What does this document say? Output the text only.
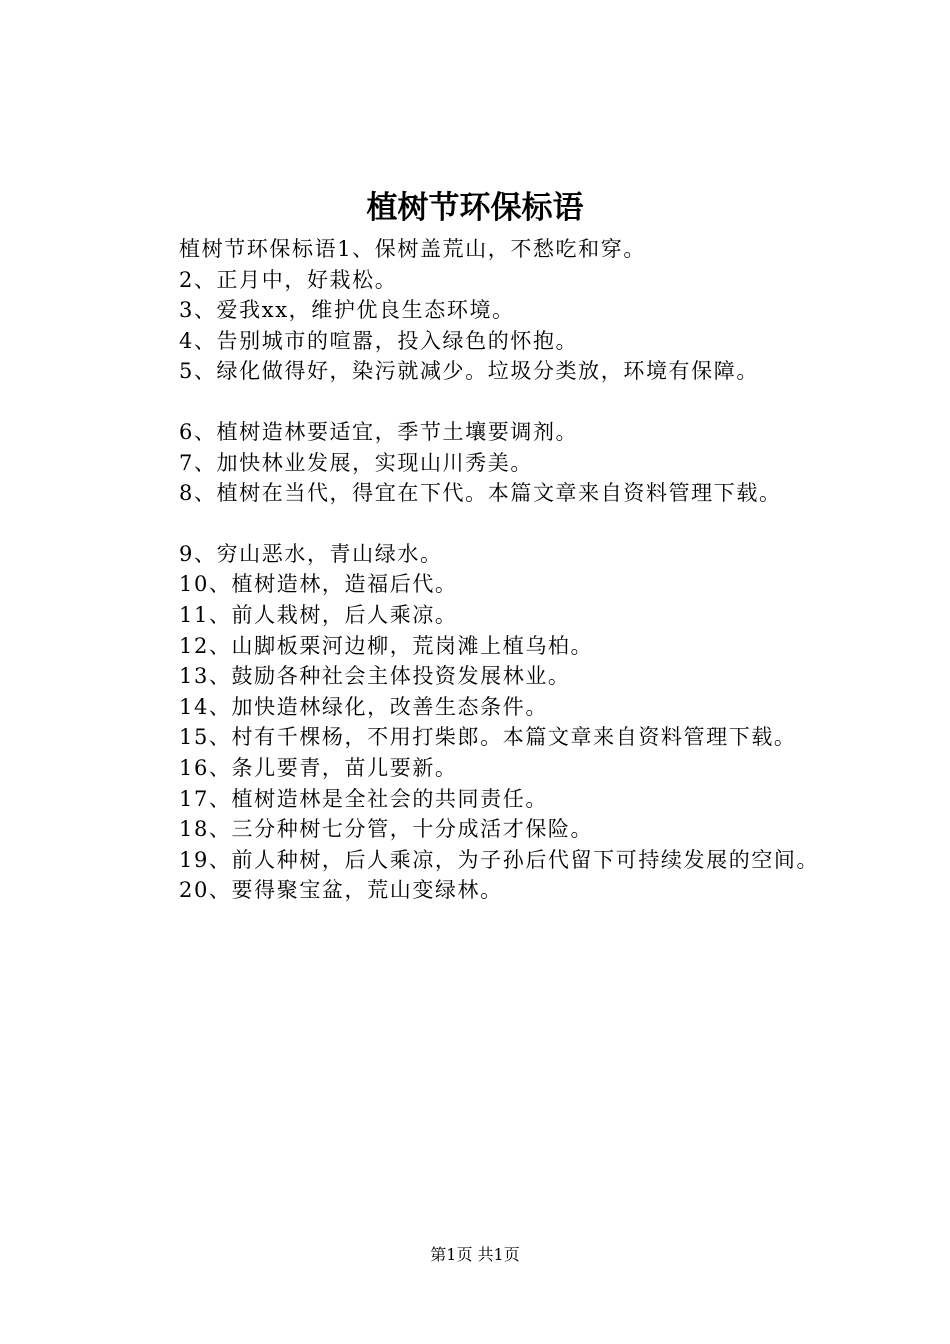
植树节环保标语

植树节环保标语1、保树盖荒山，不愁吃和穿。

2、正月中，好栽松。

3、爱我xx，维护优良生态环境。

4、告别城市的喧嚣，投入绿色的怀抱。

5、绿化做得好，染污就减少。垃圾分类放，环境有保障。

6、植树造林要适宜，季节土壤要调剂。

7、加快林业发展，实现山川秀美。

8、植树在当代，得宜在下代。本篇文章来自资料管理下载。

9、穷山恶水，青山绿水。

10、植树造林，造福后代。

11、前人栽树，后人乘凉。

12、山脚板栗河边柳，荒岗滩上植乌柏。

13、鼓励各种社会主体投资发展林业。

14、加快造林绿化，改善生态条件。

15、村有千棵杨，不用打柴郎。本篇文章来自资料管理下载。

16、条儿要青，苗儿要新。

17、植树造林是全社会的共同责任。

18、三分种树七分管，十分成活才保险。

19、前人种树，后人乘凉，为子孙后代留下可持续发展的空间。

20、要得聚宝盆，荒山变绿林。

第1页 共1页
